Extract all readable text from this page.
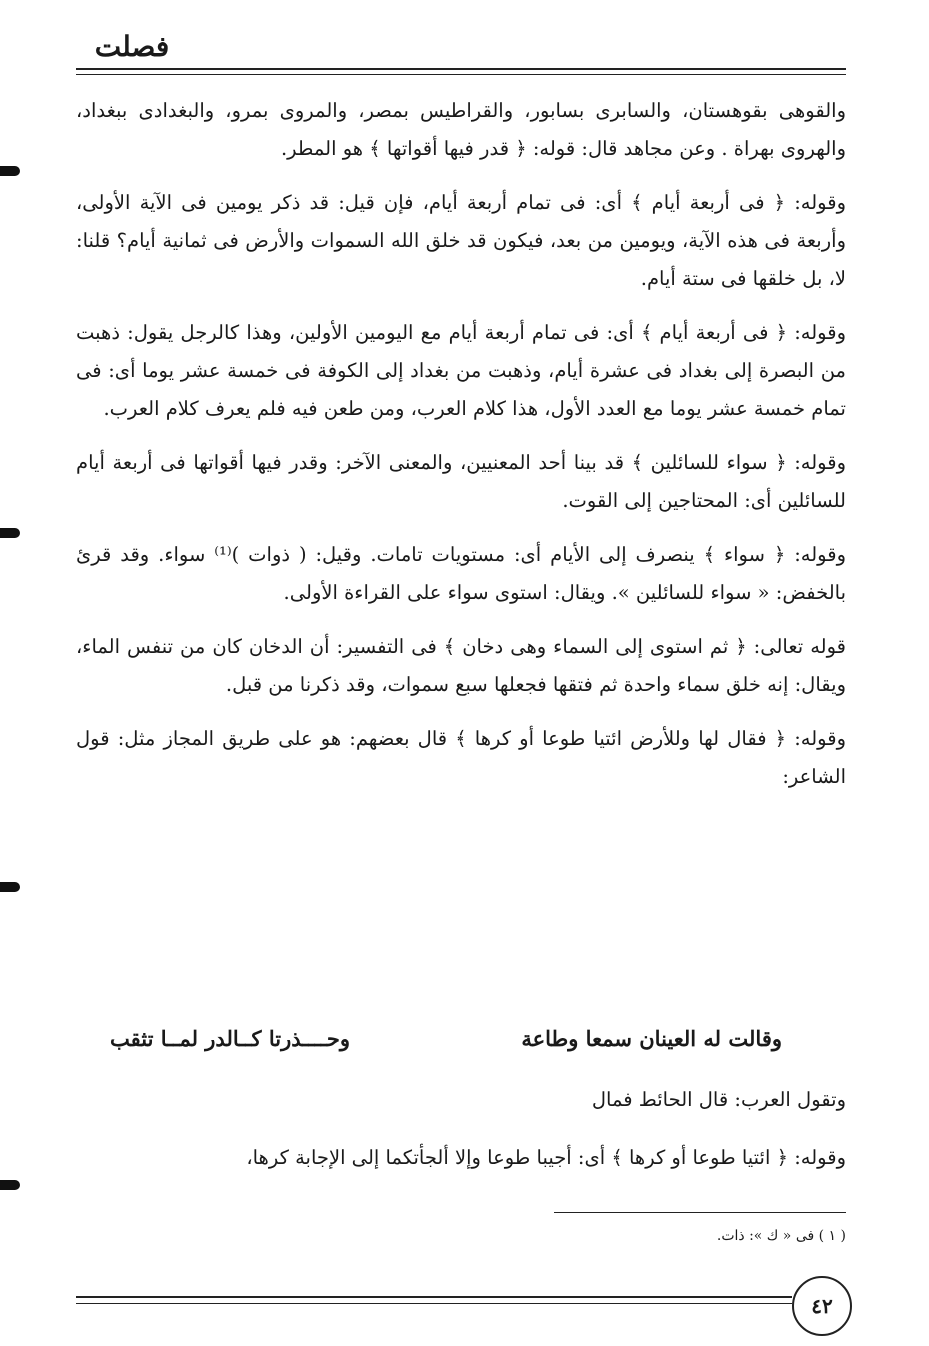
فصلت

والقوهى بقوهستان، والسابرى بسابور، والقراطيس بمصر، والمروى بمرو، والبغدادى ببغداد، والهروى بهراة . وعن مجاهد قال: قوله: ﴿ قدر فيها أقواتها ﴾ هو المطر.

وقوله: ﴿ فى أربعة أيام ﴾ أى: فى تمام أربعة أيام، فإن قيل: قد ذكر يومين فى الآية الأولى، وأربعة فى هذه الآية، ويومين من بعد، فيكون قد خلق الله السموات والأرض فى ثمانية أيام؟ قلنا: لا، بل خلقها فى ستة أيام.

وقوله: ﴿ فى أربعة أيام ﴾ أى: فى تمام أربعة أيام مع اليومين الأولين، وهذا كالرجل يقول: ذهبت من البصرة إلى بغداد فى عشرة أيام، وذهبت من بغداد إلى الكوفة فى خمسة عشر يوما أى: فى تمام خمسة عشر يوما مع العدد الأول، هذا كلام العرب، ومن طعن فيه فلم يعرف كلام العرب.

وقوله: ﴿ سواء للسائلين ﴾ قد بينا أحد المعنيين، والمعنى الآخر: وقدر فيها أقواتها فى أربعة أيام للسائلين أى: المحتاجين إلى القوت.

وقوله: ﴿ سواء ﴾ ينصرف إلى الأيام أى: مستويات تامات. وقيل: ( ذوات )⁽¹⁾ سواء. وقد قرئ بالخفض: « سواء للسائلين ». ويقال: استوى سواء على القراءة الأولى.

قوله تعالى: ﴿ ثم استوى إلى السماء وهى دخان ﴾ فى التفسير: أن الدخان كان من تنفس الماء، ويقال: إنه خلق سماء واحدة ثم فتقها فجعلها سبع سموات، وقد ذكرنا من قبل.

وقوله: ﴿ فقال لها وللأرض ائتيا طوعا أو كرها ﴾ قال بعضهم: هو على طريق المجاز مثل: قول الشاعر:

وقالت له العينان سمعا وطاعة
وحــــذرتا كــالدر لمــا تثقب
وتقول العرب: قال الحائط فمال
وقوله: ﴿ ائتيا طوعا أو كرها ﴾ أى: أجيبا طوعا وإلا ألجأتكما إلى الإجابة كرها،
( ١ ) فى « ك »: ذات.
٤٢
